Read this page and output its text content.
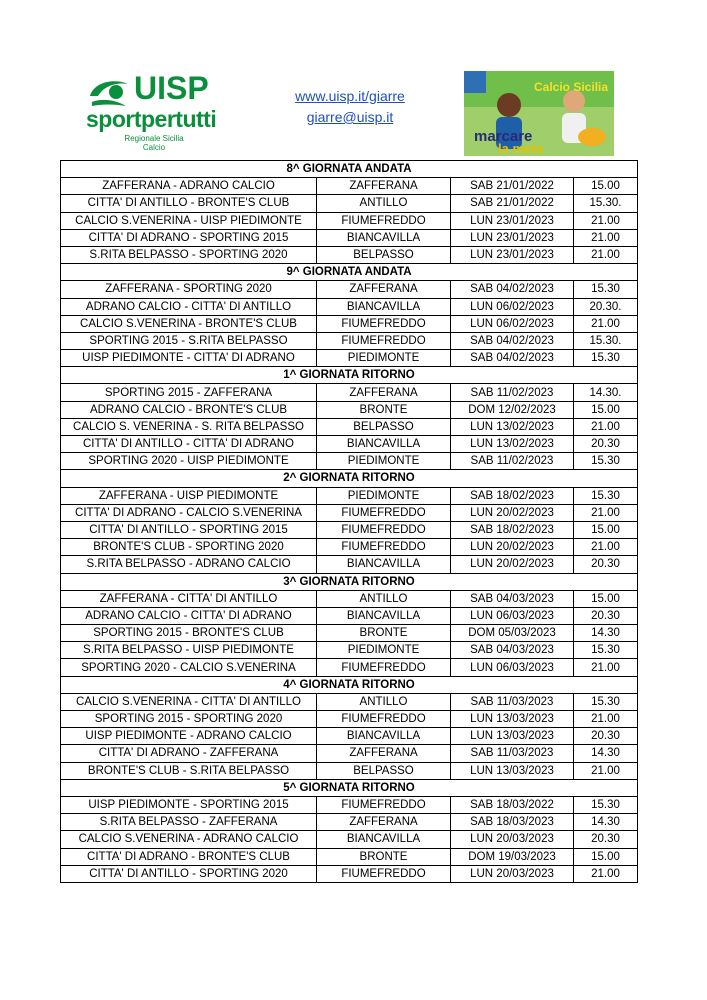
UISP
sportpertutti
Regionale Sicilia
Calcio
www.uisp.it/giarre
giarre@uisp.it
Calcio Sicilia
marcare
la meta
8^ GIORNATA ANDATA			
ZAFFERANA - ADRANO CALCIO	ZAFFERANA	SAB 21/01/2022	15.00
CITTA' DI ANTILLO - BRONTE'S CLUB	ANTILLO	SAB 21/01/2022	15.30.
CALCIO S.VENERINA - UISP PIEDIMONTE	FIUMEFREDDO	LUN 23/01/2023	21.00
CITTA' DI ADRANO - SPORTING 2015	BIANCAVILLA	LUN 23/01/2023	21.00
S.RITA BELPASSO - SPORTING 2020	BELPASSO	LUN 23/01/2023	21.00
9^ GIORNATA ANDATA			
ZAFFERANA - SPORTING 2020	ZAFFERANA	SAB 04/02/2023	15.30
ADRANO CALCIO - CITTA' DI ANTILLO	BIANCAVILLA	LUN 06/02/2023	20.30.
CALCIO S.VENERINA - BRONTE'S CLUB	FIUMEFREDDO	LUN 06/02/2023	21.00
SPORTING 2015 - S.RITA BELPASSO	FIUMEFREDDO	SAB 04/02/2023	15.30.
UISP PIEDIMONTE - CITTA' DI ADRANO	PIEDIMONTE	SAB 04/02/2023	15.30
1^ GIORNATA RITORNO			
SPORTING 2015 - ZAFFERANA	ZAFFERANA	SAB 11/02/2023	14.30.
ADRANO CALCIO - BRONTE'S CLUB	BRONTE	DOM 12/02/2023	15.00
CALCIO S. VENERINA - S. RITA BELPASSO	BELPASSO	LUN 13/02/2023	21.00
CITTA' DI ANTILLO - CITTA' DI ADRANO	BIANCAVILLA	LUN 13/02/2023	20.30
SPORTING 2020 - UISP PIEDIMONTE	PIEDIMONTE	SAB 11/02/2023	15.30
2^ GIORNATA RITORNO			
ZAFFERANA - UISP PIEDIMONTE	PIEDIMONTE	SAB 18/02/2023	15.30
CITTA' DI ADRANO - CALCIO S.VENERINA	FIUMEFREDDO	LUN 20/02/2023	21.00
CITTA' DI ANTILLO - SPORTING 2015	FIUMEFREDDO	SAB 18/02/2023	15.00
BRONTE'S CLUB - SPORTING 2020	FIUMEFREDDO	LUN 20/02/2023	21.00
S.RITA BELPASSO - ADRANO CALCIO	BIANCAVILLA	LUN 20/02/2023	20.30
3^ GIORNATA RITORNO			
ZAFFERANA - CITTA' DI ANTILLO	ANTILLO	SAB 04/03/2023	15.00
ADRANO CALCIO - CITTA' DI ADRANO	BIANCAVILLA	LUN 06/03/2023	20.30
SPORTING 2015 - BRONTE'S CLUB	BRONTE	DOM 05/03/2023	14.30
S.RITA BELPASSO - UISP PIEDIMONTE	PIEDIMONTE	SAB 04/03/2023	15.30
SPORTING 2020 - CALCIO S.VENERINA	FIUMEFREDDO	LUN 06/03/2023	21.00
4^ GIORNATA RITORNO			
CALCIO S.VENERINA - CITTA' DI ANTILLO	ANTILLO	SAB 11/03/2023	15.30
SPORTING 2015 - SPORTING 2020	FIUMEFREDDO	LUN 13/03/2023	21.00
UISP PIEDIMONTE - ADRANO CALCIO	BIANCAVILLA	LUN 13/03/2023	20.30
CITTA' DI ADRANO - ZAFFERANA	ZAFFERANA	SAB 11/03/2023	14.30
BRONTE'S CLUB - S.RITA BELPASSO	BELPASSO	LUN 13/03/2023	21.00
5^ GIORNATA RITORNO			
UISP PIEDIMONTE - SPORTING 2015	FIUMEFREDDO	SAB 18/03/2022	15.30
S.RITA BELPASSO - ZAFFERANA	ZAFFERANA	SAB 18/03/2023	14.30
CALCIO S.VENERINA - ADRANO CALCIO	BIANCAVILLA	LUN 20/03/2023	20.30
CITTA' DI ADRANO - BRONTE'S CLUB	BRONTE	DOM 19/03/2023	15.00
CITTA' DI ANTILLO - SPORTING 2020	FIUMEFREDDO	LUN 20/03/2023	21.00
